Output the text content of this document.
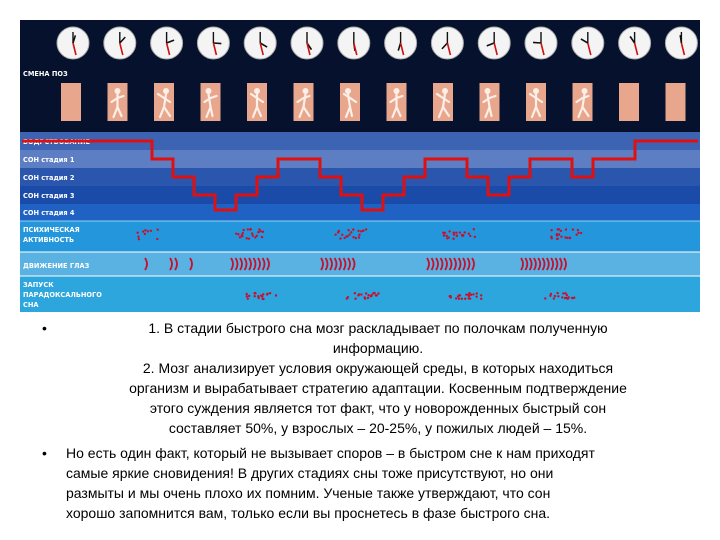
СМЕНА ПОЗ
БОДРСТВОВАНИЕ
СОН стадия 1
СОН стадия 2
СОН стадия 3
СОН стадия 4
ПСИХИЧЕСКАЯ
АКТИВНОСТЬ
ДВИЖЕНИЕ ГЛАЗ
ЗАПУСК
ПАРАДОКСАЛЬНОГО
СНА
•	1. В стадии быстрого сна мозг раскладывает по полочкам полученную
информацию.
2. Мозг анализирует условия окружающей среды, в которых находиться
организм и вырабатывает стратегию адаптации. Косвенным подтверждение
этого суждения является тот факт, что у новорожденных быстрый сон
составляет 50%, у взрослых – 20-25%, у пожилых людей – 15%.
• Но есть один факт, который не вызывает споров – в быстром сне к нам приходят
самые яркие сновидения! В других стадиях сны тоже присутствуют, но они
размыты и мы очень плохо их помним. Ученые также утверждают, что сон
хорошо запомнится вам, только если вы проснетесь в фазе быстрого сна.
